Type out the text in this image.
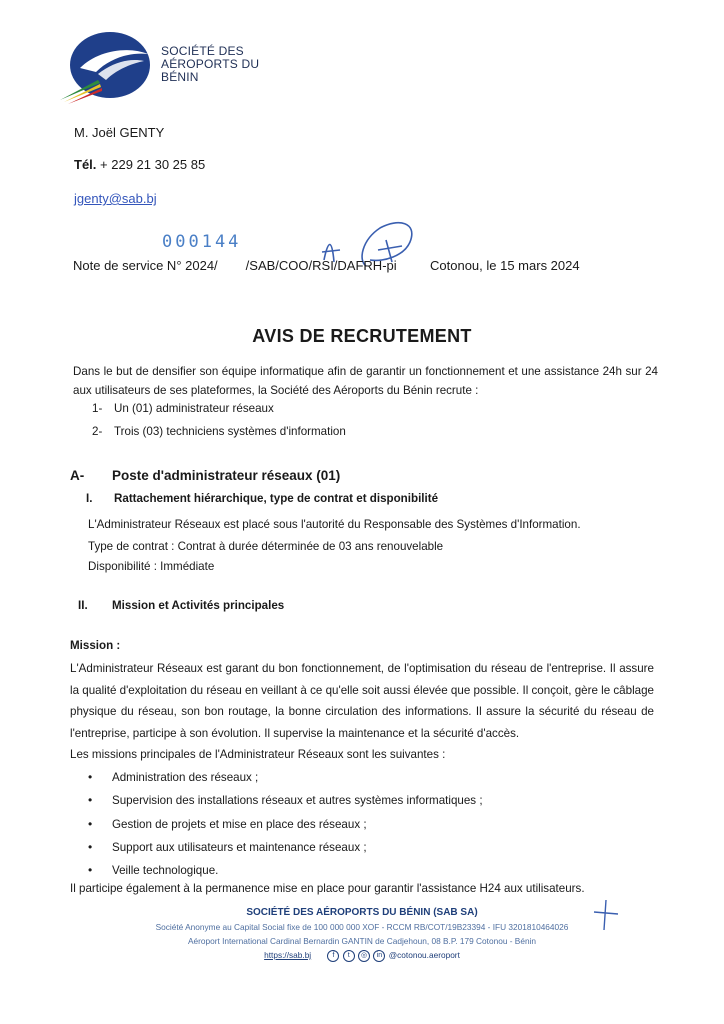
SOCIÉTÉ DES
AÉROPORTS DU
BÉNIN
M. Joël GENTY
Tél. + 229 21 30 25 85
jgenty@sab.bj
000144
Note de service N° 2024/ /SAB/COO/RSI/DAFRH-pi	Cotonou, le 15 mars 2024
AVIS DE RECRUTEMENT
Dans le but de densifier son équipe informatique afin de garantir un fonctionnement et une assistance 24h sur 24 aux utilisateurs de ses plateformes, la Société des Aéroports du Bénin recrute :
1- Un (01) administrateur réseaux
2- Trois (03) techniciens systèmes d'information
A- Poste d'administrateur réseaux (01)
I. Rattachement hiérarchique, type de contrat et disponibilité
L'Administrateur Réseaux est placé sous l'autorité du Responsable des Systèmes d'Information.
Type de contrat : Contrat à durée déterminée de 03 ans renouvelable
Disponibilité : Immédiate
II. Mission et Activités principales
Mission :
L'Administrateur Réseaux est garant du bon fonctionnement, de l'optimisation du réseau de l'entreprise. Il assure la qualité d'exploitation du réseau en veillant à ce qu'elle soit aussi élevée que possible. Il conçoit, gère le câblage physique du réseau, son bon routage, la bonne circulation des informations. Il assure la sécurité du réseau de l'entreprise, participe à son évolution. Il supervise la maintenance et la sécurité d'accès.
Les missions principales de l'Administrateur Réseaux sont les suivantes :
• Administration des réseaux ;
• Supervision des installations réseaux et autres systèmes informatiques ;
• Gestion de projets et mise en place des réseaux ;
• Support aux utilisateurs et maintenance réseaux ;
• Veille technologique.
Il participe également à la permanence mise en place pour garantir l'assistance H24 aux utilisateurs.
SOCIÉTÉ DES AÉROPORTS DU BÉNIN (SAB SA)
Société Anonyme au Capital Social fixe de 100 000 000 XOF - RCCM RB/COT/19B23394 - IFU 3201810464026
Aéroport International Cardinal Bernardin GANTIN de Cadjehoun, 08 B.P. 179 Cotonou - Bénin
https://sab.bj	f t ◎ in @cotonou.aeroport
